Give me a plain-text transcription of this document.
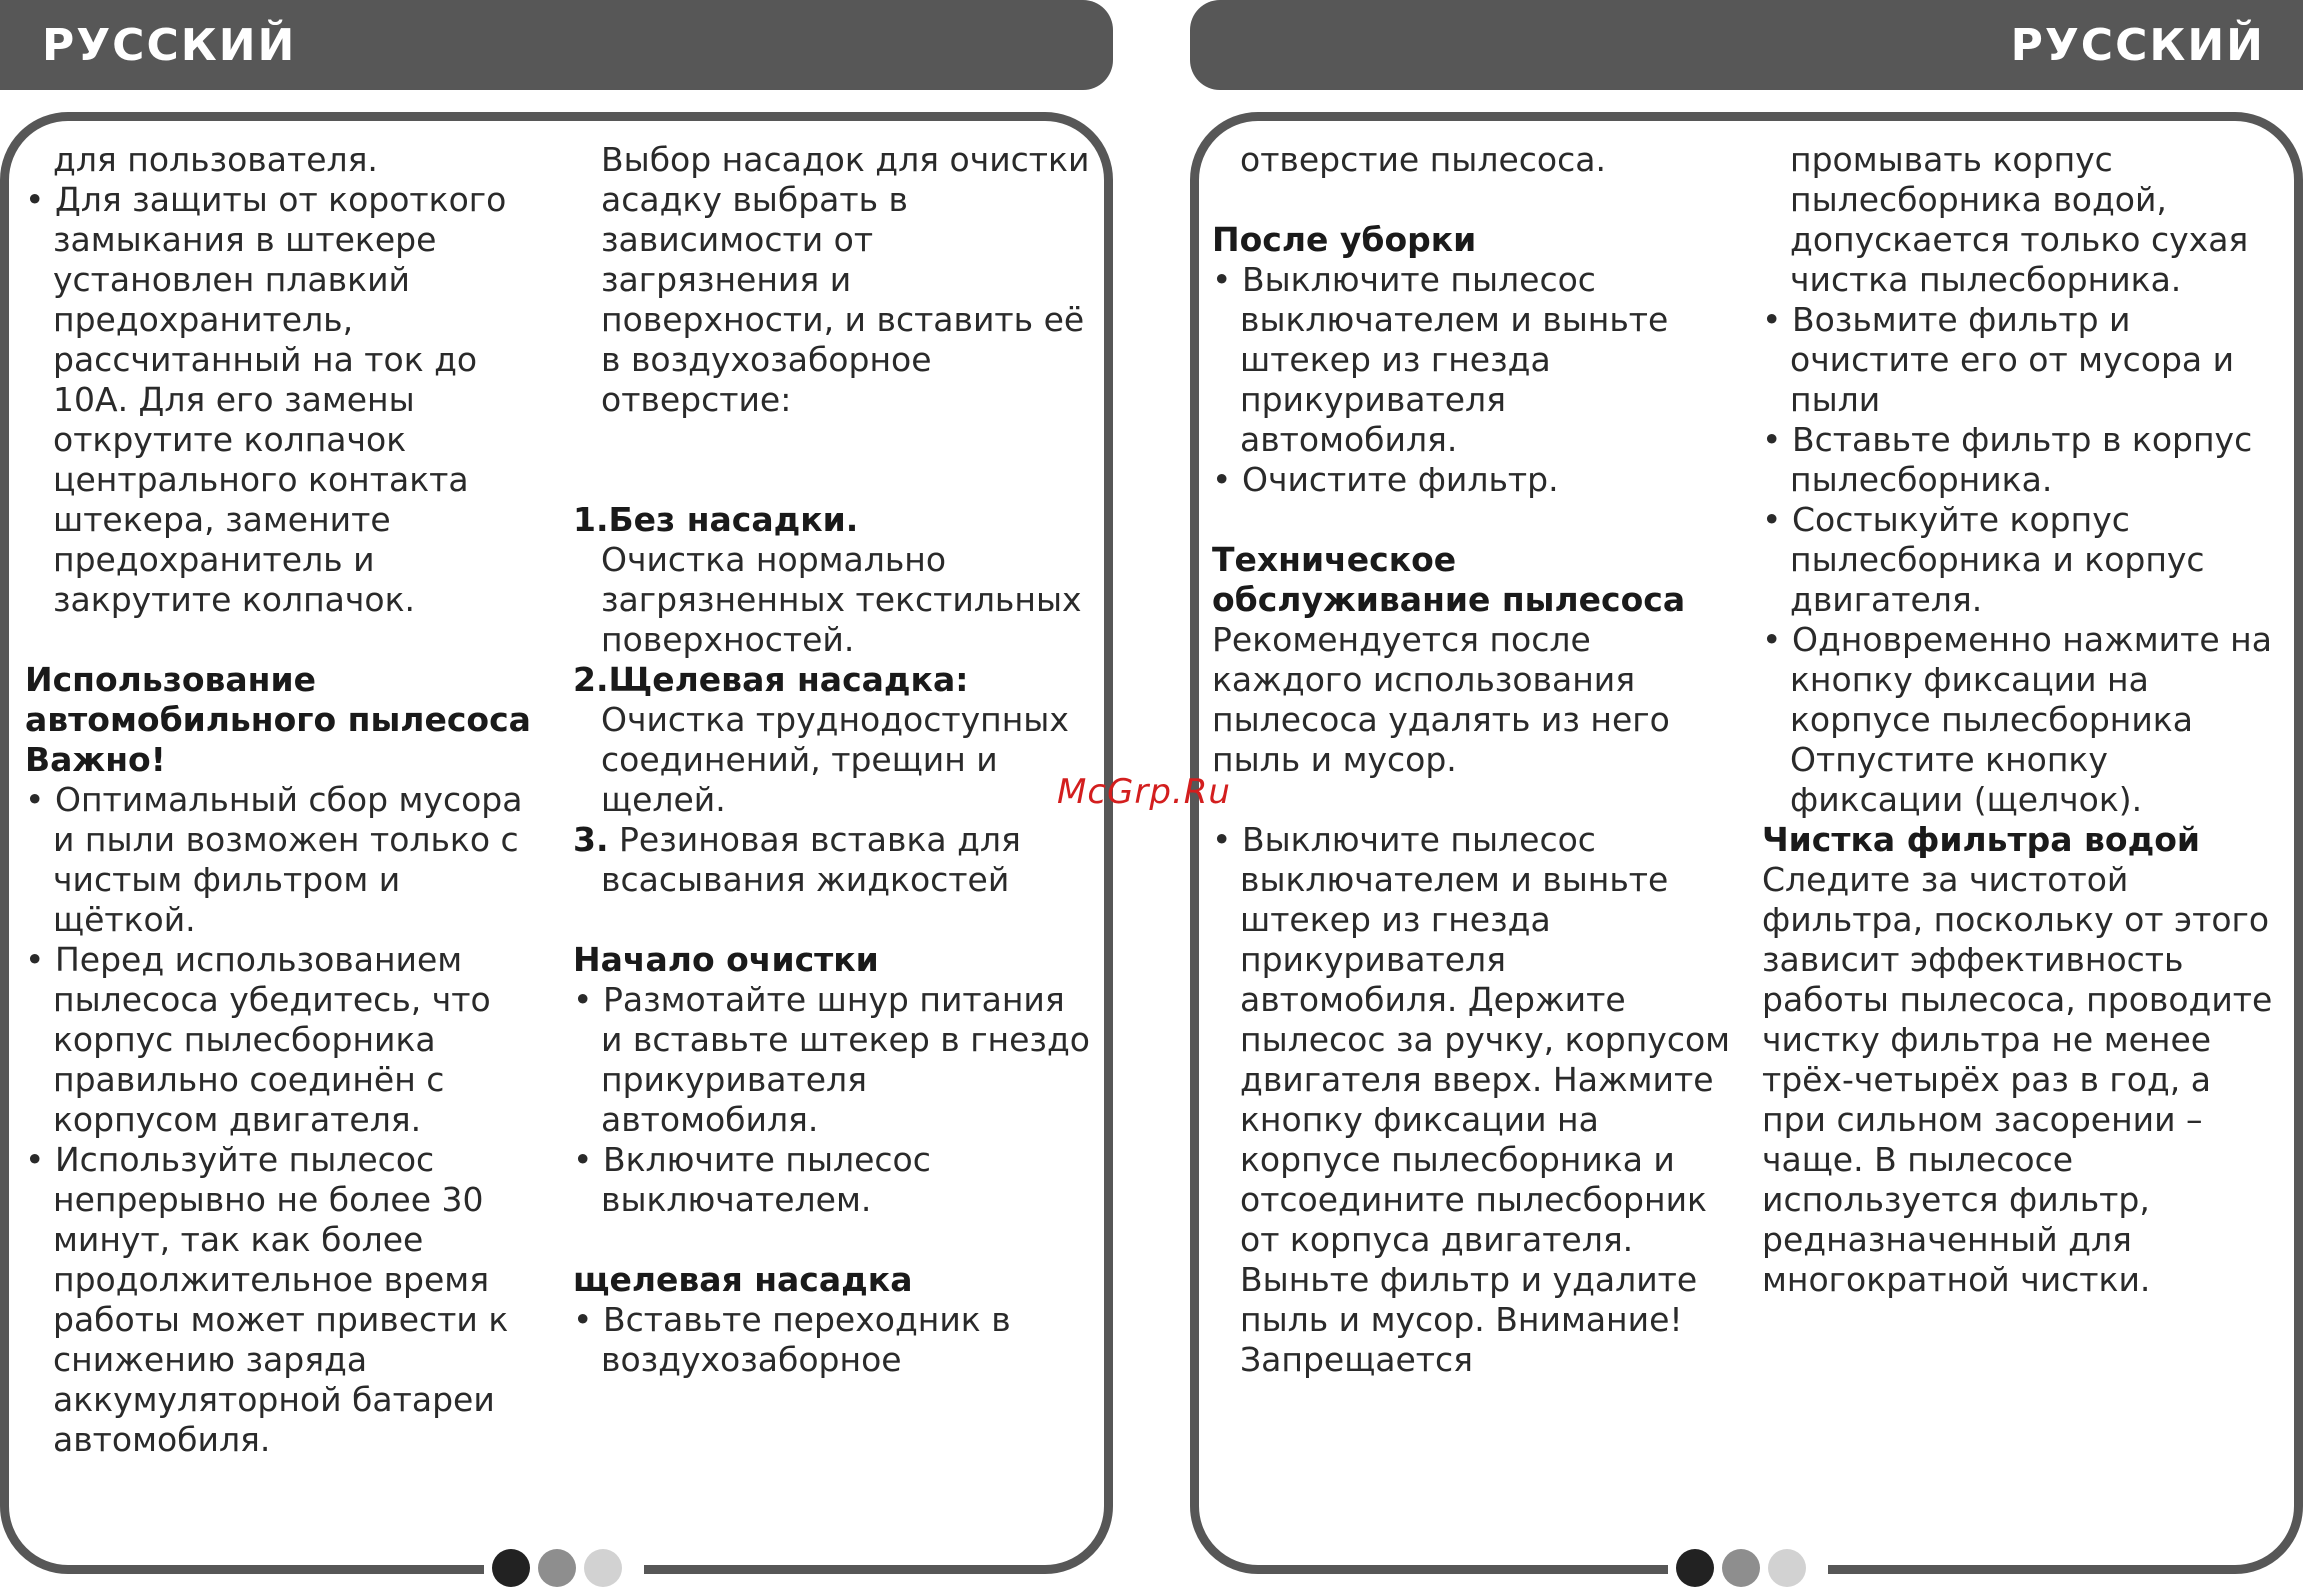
РУССКИЙ

для пользователя.

• Для защиты от короткого замыкания в штекере установлен плавкий предохранитель, рассчитанный на ток до 10А. Для его замены открутите колпачок центрального контакта штекера, замените предохранитель и закрутите колпачок.

Использование автомобильного пылесоса

Важно!

• Оптимальный сбор мусора и пыли возможен только с чистым фильтром и щёткой.

• Перед использованием пылесоса убедитесь, что корпус пылесборника правильно соединён с корпусом двигателя.

• Используйте пылесос непрерывно не более 30 минут, так как более продолжительное время работы может привести к снижению заряда аккумуляторной батареи автомобиля.

Выбор насадок для очистки асадку выбрать в зависимости от загрязнения и поверхности, и вставить её в воздухозаборное отверстие:

1.Без насадки.
Очистка нормально загрязненных текстильных поверхностей.

2.Щелевая насадка:
Очистка труднодоступных соединений, трещин и щелей.

3. Резиновая вставка для всасывания жидкостей

Начало очистки

• Размотайте шнур питания и вставьте штекер в гнездо прикуривателя автомобиля.

• Включите пылесос выключателем.

щелевая насадка

• Вставьте переходник в воздухозаборное

РУССКИЙ

отверстие пылесоса.

После уборки

• Выключите пылесос выключателем и выньте штекер из гнезда прикуривателя автомобиля.

• Очистите фильтр.

Техническое обслуживание пылесоса

Рекомендуется после каждого использования пылесоса удалять из него пыль и мусор.

• Выключите пылесос выключателем и выньте штекер из гнезда прикуривателя автомобиля. Держите пылесос за ручку, корпусом двигателя вверх. Нажмите кнопку фиксации на корпусе пылесборника и отсоедините пылесборник от корпуса двигателя. Выньте фильтр и удалите пыль и мусор. Внимание! Запрещается

промывать корпус пылесборника водой, допускается только сухая чистка пылесборника.

• Возьмите фильтр и очистите его от мусора и пыли

• Вставьте фильтр в корпус пылесборника.

• Состыкуйте корпус пылесборника и корпус двигателя.

• Одновременно нажмите на кнопку фиксации на корпусе пылесборника Отпустите кнопку фиксации (щелчок).

Чистка фильтра водой

Следите за чистотой фильтра, поскольку от этого зависит эффективность работы пылесоса, проводите чистку фильтра не менее трёх-четырёх раз в год, а при сильном засорении – чаще. В пылесосе используется фильтр, редназначенный для многократной чистки.

McGrp.Ru
